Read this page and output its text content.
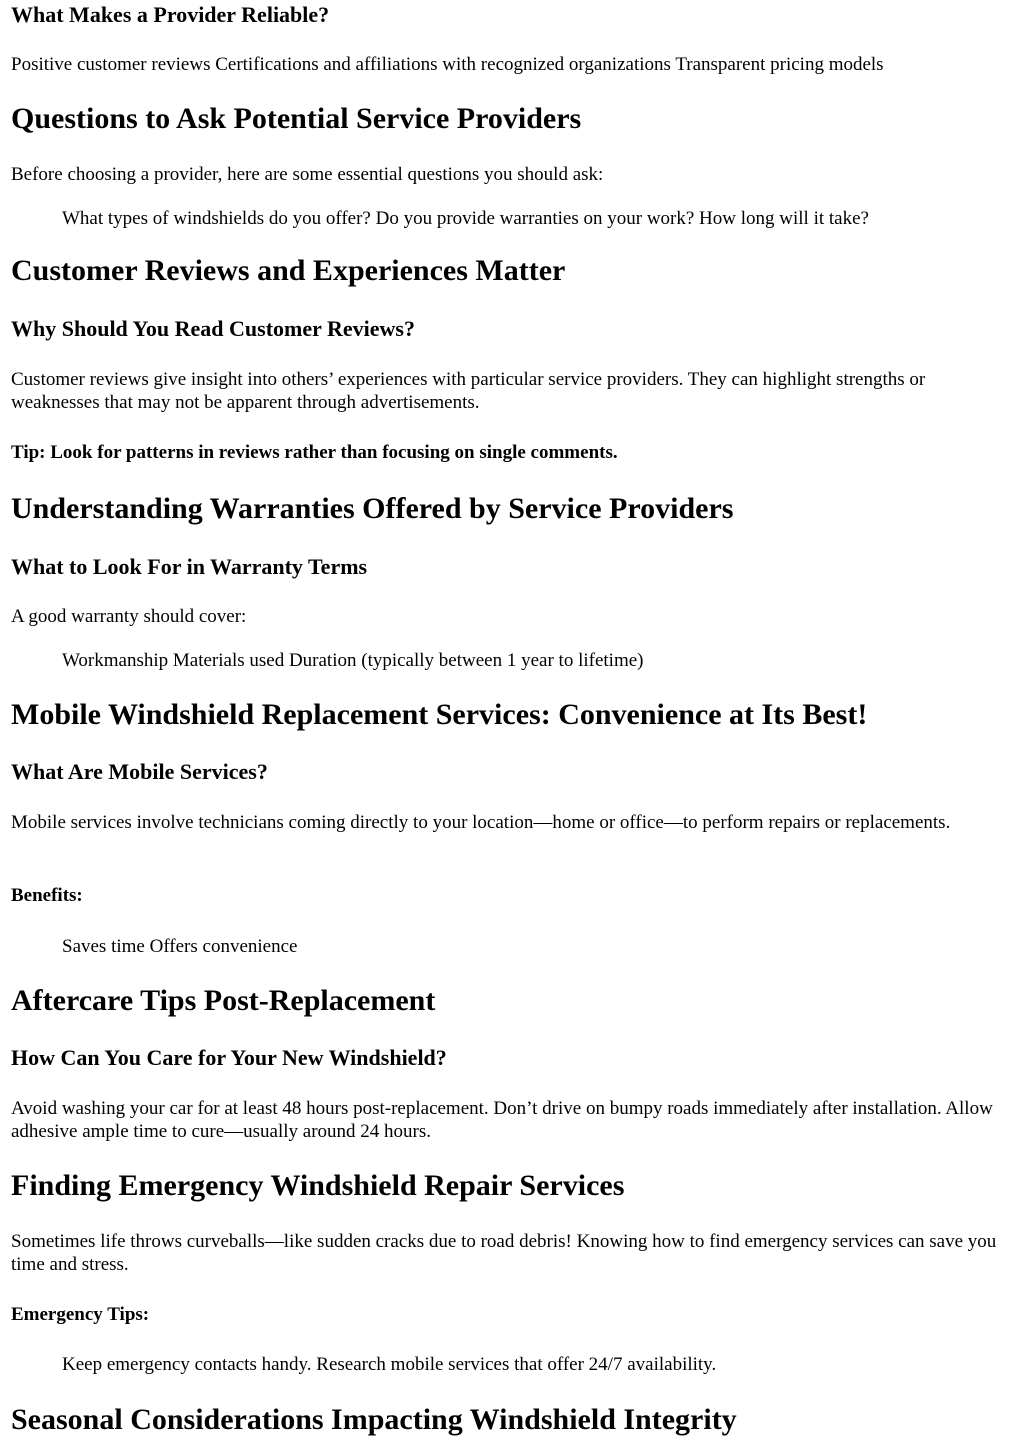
What Makes a Provider Reliable?

Positive customer reviews Certifications and affiliations with recognized organizations Transparent pricing models

Questions to Ask Potential Service Providers

Before choosing a provider, here are some essential questions you should ask:

What types of windshields do you offer? Do you provide warranties on your work? How long will it take?

Customer Reviews and Experiences Matter
Why Should You Read Customer Reviews?

Customer reviews give insight into others’ experiences with particular service providers. They can highlight strengths or weaknesses that may not be apparent through advertisements.

Tip: Look for patterns in reviews rather than focusing on single comments.

Understanding Warranties Offered by Service Providers
What to Look For in Warranty Terms

A good warranty should cover:

Workmanship Materials used Duration (typically between 1 year to lifetime)

Mobile Windshield Replacement Services: Convenience at Its Best!
What Are Mobile Services?

Mobile services involve technicians coming directly to your location—home or office—to perform repairs or replacements.

Benefits:

Saves time Offers convenience

Aftercare Tips Post-Replacement
How Can You Care for Your New Windshield?

Avoid washing your car for at least 48 hours post-replacement. Don’t drive on bumpy roads immediately after installation. Allow adhesive ample time to cure—usually around 24 hours.

Finding Emergency Windshield Repair Services

Sometimes life throws curveballs—like sudden cracks due to road debris! Knowing how to find emergency services can save you time and stress.

Emergency Tips:

Keep emergency contacts handy. Research mobile services that offer 24/7 availability.

Seasonal Considerations Impacting Windshield Integrity
